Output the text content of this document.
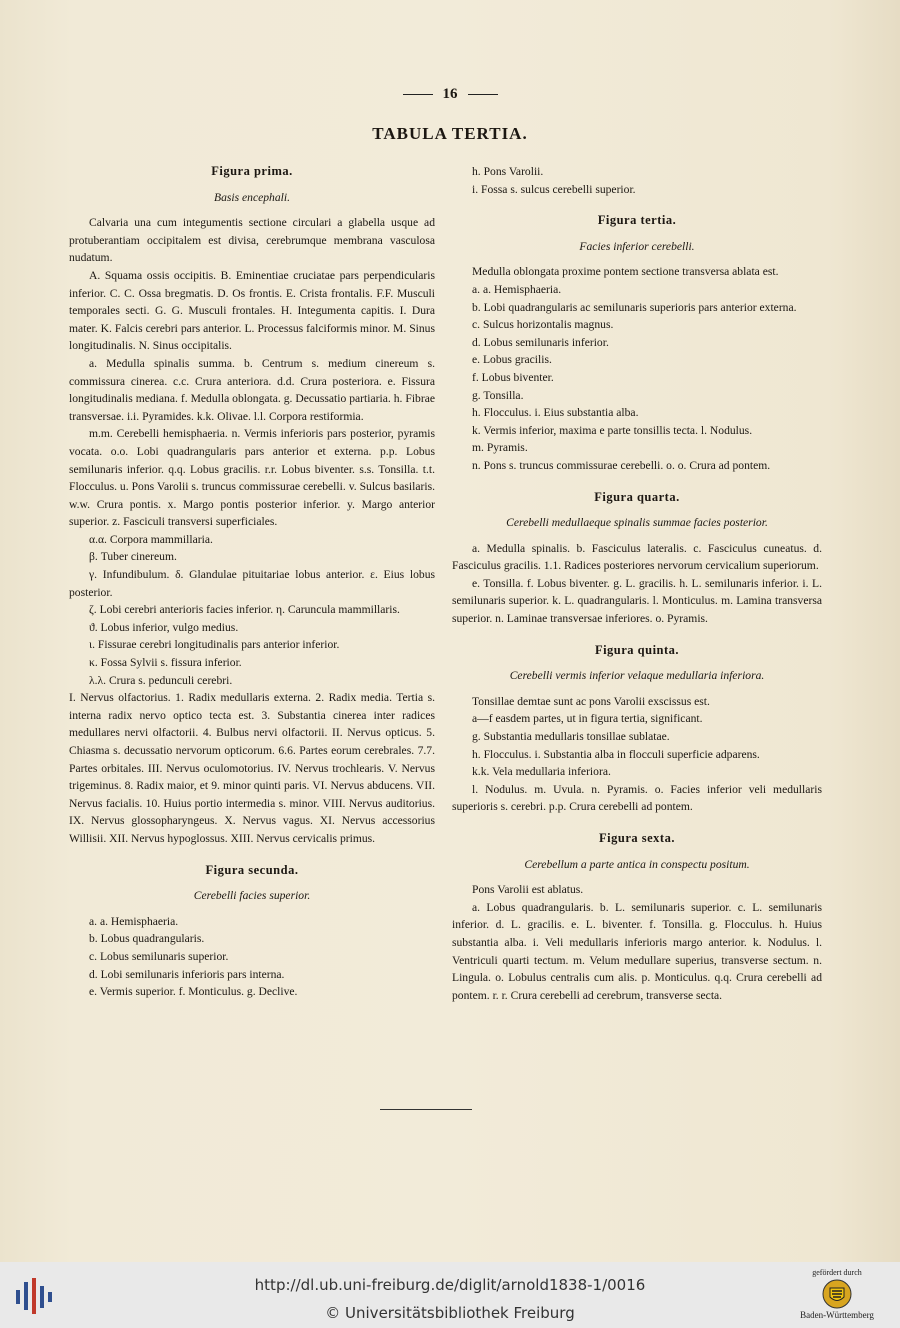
16
TABULA TERTIA.

Figura prima.

Basis encephali.

Calvaria una cum integumentis sectione circulari a glabella usque ad protuberantiam occipitalem est divisa, cerebrumque membrana vasculosa nudatum.

A. Squama ossis occipitis. B. Eminentiae cruciatae pars perpendicularis inferior. C. C. Ossa bregmatis. D. Os frontis. E. Crista frontalis. F.F. Musculi temporales secti. G. G. Musculi frontales. H. Integumenta capitis. I. Dura mater. K. Falcis cerebri pars anterior. L. Processus falciformis minor. M. Sinus longitudinalis. N. Sinus occipitalis.

a. Medulla spinalis summa. b. Centrum s. medium cinereum s. commissura cinerea. c.c. Crura anteriora. d.d. Crura posteriora. e. Fissura longitudinalis mediana. f. Medulla oblongata. g. Decussatio partiaria. h. Fibrae transversae. i.i. Pyramides. k.k. Olivae. l.l. Corpora restiformia.

m.m. Cerebelli hemisphaeria. n. Vermis inferioris pars posterior, pyramis vocata. o.o. Lobi quadrangularis pars anterior et externa. p.p. Lobus semilunaris inferior. q.q. Lobus gracilis. r.r. Lobus biventer. s.s. Tonsilla. t.t. Flocculus. u. Pons Varolii s. truncus commissurae cerebelli. v. Sulcus basilaris. w.w. Crura pontis. x. Margo pontis posterior inferior. y. Margo anterior superior. z. Fasciculi transversi superficiales.

α.α. Corpora mammillaria.

β. Tuber cinereum.

γ. Infundibulum. δ. Glandulae pituitariae lobus anterior. ε. Eius lobus posterior.

ζ. Lobi cerebri anterioris facies inferior. η. Caruncula mammillaris.

ϑ. Lobus inferior, vulgo medius.

ι. Fissurae cerebri longitudinalis pars anterior inferior.

κ. Fossa Sylvii s. fissura inferior.

λ.λ. Crura s. pedunculi cerebri.

I. Nervus olfactorius. 1. Radix medullaris externa. 2. Radix media. Tertia s. interna radix nervo optico tecta est. 3. Substantia cinerea inter radices medullares nervi olfactorii. 4. Bulbus nervi olfactorii. II. Nervus opticus. 5. Chiasma s. decussatio nervorum opticorum. 6.6. Partes eorum cerebrales. 7.7. Partes orbitales. III. Nervus oculomotorius. IV. Nervus trochlearis. V. Nervus trigeminus. 8. Radix maior, et 9. minor quinti paris. VI. Nervus abducens. VII. Nervus facialis. 10. Huius portio intermedia s. minor. VIII. Nervus auditorius. IX. Nervus glossopharyngeus. X. Nervus vagus. XI. Nervus accessorius Willisii. XII. Nervus hypoglossus. XIII. Nervus cervicalis primus.

Figura secunda.

Cerebelli facies superior.

a. a. Hemisphaeria.

b. Lobus quadrangularis.

c. Lobus semilunaris superior.

d. Lobi semilunaris inferioris pars interna.

e. Vermis superior. f. Monticulus. g. Declive.

h. Pons Varolii.

i. Fossa s. sulcus cerebelli superior.

Figura tertia.

Facies inferior cerebelli.

Medulla oblongata proxime pontem sectione transversa ablata est.

a. a. Hemisphaeria.

b. Lobi quadrangularis ac semilunaris superioris pars anterior externa.

c. Sulcus horizontalis magnus.

d. Lobus semilunaris inferior.

e. Lobus gracilis.

f. Lobus biventer.

g. Tonsilla.

h. Flocculus. i. Eius substantia alba.

k. Vermis inferior, maxima e parte tonsillis tecta. l. Nodulus.

m. Pyramis.

n. Pons s. truncus commissurae cerebelli. o. o. Crura ad pontem.

Figura quarta.

Cerebelli medullaeque spinalis summae facies posterior.

a. Medulla spinalis. b. Fasciculus lateralis. c. Fasciculus cuneatus. d. Fasciculus gracilis. 1.1. Radices posteriores nervorum cervicalium superiorum.

e. Tonsilla. f. Lobus biventer. g. L. gracilis. h. L. semilunaris inferior. i. L. semilunaris superior. k. L. quadrangularis. l. Monticulus. m. Lamina transversa superior. n. Laminae transversae inferiores. o. Pyramis.

Figura quinta.

Cerebelli vermis inferior velaque medullaria inferiora.

Tonsillae demtae sunt ac pons Varolii exscissus est.

a—f easdem partes, ut in figura tertia, significant.

g. Substantia medullaris tonsillae sublatae.

h. Flocculus. i. Substantia alba in flocculi superficie adparens.

k.k. Vela medullaria inferiora.

l. Nodulus. m. Uvula. n. Pyramis. o. Facies inferior veli medullaris superioris s. cerebri. p.p. Crura cerebelli ad pontem.

Figura sexta.

Cerebellum a parte antica in conspectu positum.

Pons Varolii est ablatus.

a. Lobus quadrangularis. b. L. semilunaris superior. c. L. semilunaris inferior. d. L. gracilis. e. L. biventer. f. Tonsilla. g. Flocculus. h. Huius substantia alba. i. Veli medullaris inferioris margo anterior. k. Nodulus. l. Ventriculi quarti tectum. m. Velum medullare superius, transverse sectum. n. Lingula. o. Lobulus centralis cum alis. p. Monticulus. q.q. Crura cerebelli ad pontem. r. r. Crura cerebelli ad cerebrum, transverse secta.

http://dl.ub.uni-freiburg.de/diglit/arnold1838-1/0016
© Universitätsbibliothek Freiburg
gefördert durch
Baden-Württemberg
